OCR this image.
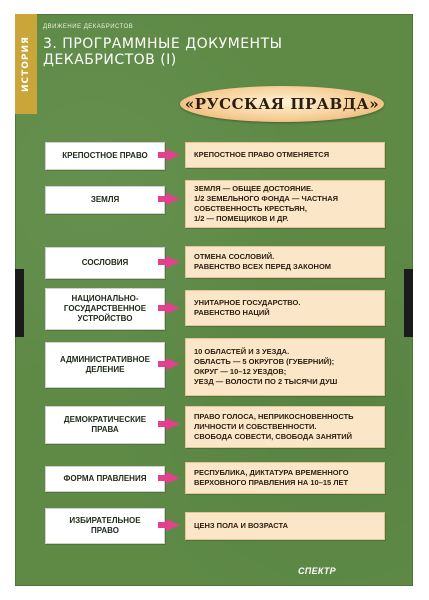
ИСТОРИЯ
ДВИЖЕНИЕ ДЕКАБРИСТОВ
3. ПРОГРАММНЫЕ ДОКУМЕНТЫ ДЕКАБРИСТОВ (I)
«РУССКАЯ ПРАВДА»
КРЕПОСТНОЕ ПРАВО	КРЕПОСТНОЕ ПРАВО ОТМЕНЯЕТСЯ
ЗЕМЛЯ
ЗЕМЛЯ — ОБЩЕЕ ДОСТОЯНИЕ.
1/2 ЗЕМЕЛЬНОГО ФОНДА — ЧАСТНАЯ СОБСТВЕННОСТЬ КРЕСТЬЯН,
1/2 — ПОМЕЩИКОВ И ДР.
СОСЛОВИЯ
ОТМЕНА СОСЛОВИЙ.
РАВЕНСТВО ВСЕХ ПЕРЕД ЗАКОНОМ
НАЦИОНАЛЬНО-
ГОСУДАРСТВЕННОЕ
УСТРОЙСТВО
УНИТАРНОЕ ГОСУДАРСТВО.
РАВЕНСТВО НАЦИЙ
АДМИНИСТРАТИВНОЕ
ДЕЛЕНИЕ
10 ОБЛАСТЕЙ И 3 УЕЗДА.
ОБЛАСТЬ — 5 ОКРУГОВ (ГУБЕРНИЙ);
ОКРУГ — 10–12 УЕЗДОВ;
УЕЗД — ВОЛОСТИ ПО 2 ТЫСЯЧИ ДУШ
ДЕМОКРАТИЧЕСКИЕ
ПРАВА
ПРАВО ГОЛОСА, НЕПРИКОСНОВЕННОСТЬ ЛИЧНОСТИ И СОБСТВЕННОСТИ.
СВОБОДА СОВЕСТИ, СВОБОДА ЗАНЯТИЙ
ФОРМА ПРАВЛЕНИЯ
РЕСПУБЛИКА, ДИКТАТУРА ВРЕМЕННОГО ВЕРХОВНОГО ПРАВЛЕНИЯ НА 10–15 ЛЕТ
ИЗБИРАТЕЛЬНОЕ
ПРАВО
ЦЕНЗ ПОЛА И ВОЗРАСТА
СПЕКТР
